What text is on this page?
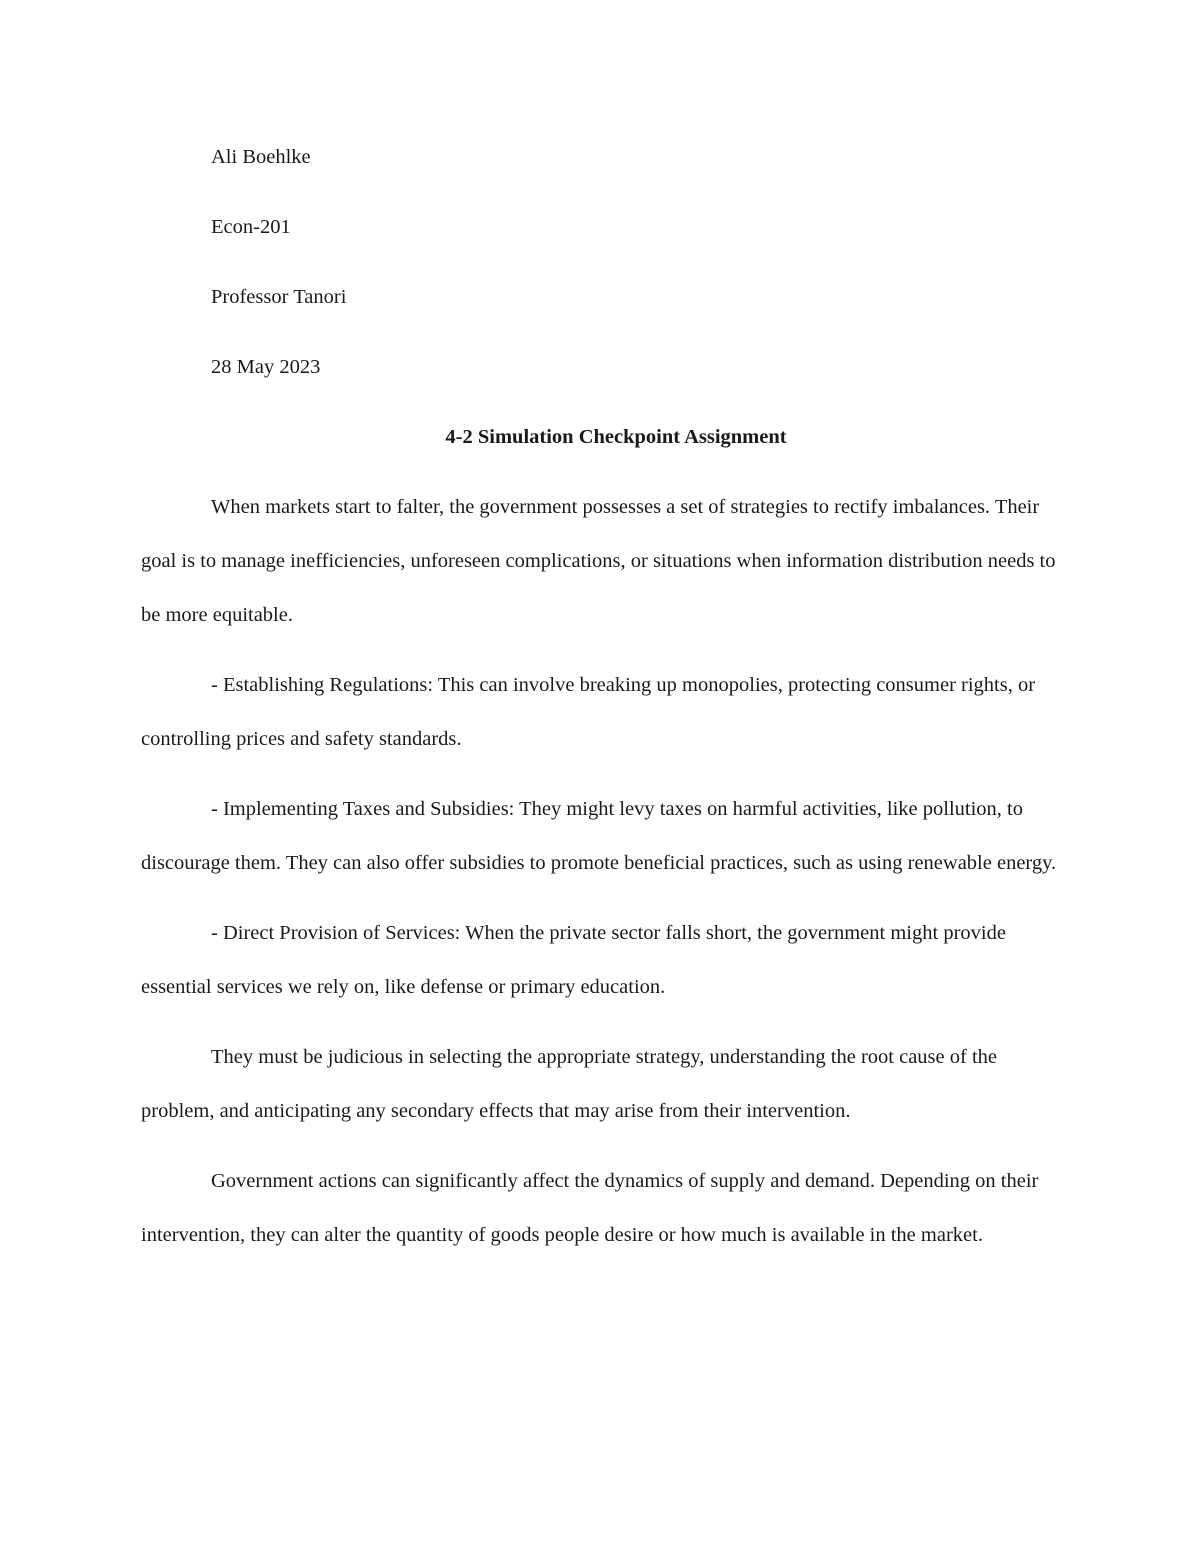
Ali Boehlke

Econ-201

Professor Tanori

28 May 2023

4-2 Simulation Checkpoint Assignment

When markets start to falter, the government possesses a set of strategies to rectify imbalances. Their goal is to manage inefficiencies, unforeseen complications, or situations when information distribution needs to be more equitable.

- Establishing Regulations: This can involve breaking up monopolies, protecting consumer rights, or controlling prices and safety standards.

- Implementing Taxes and Subsidies: They might levy taxes on harmful activities, like pollution, to discourage them. They can also offer subsidies to promote beneficial practices, such as using renewable energy.

- Direct Provision of Services: When the private sector falls short, the government might provide essential services we rely on, like defense or primary education.

They must be judicious in selecting the appropriate strategy, understanding the root cause of the problem, and anticipating any secondary effects that may arise from their intervention.

Government actions can significantly affect the dynamics of supply and demand. Depending on their intervention, they can alter the quantity of goods people desire or how much is available in the market.
